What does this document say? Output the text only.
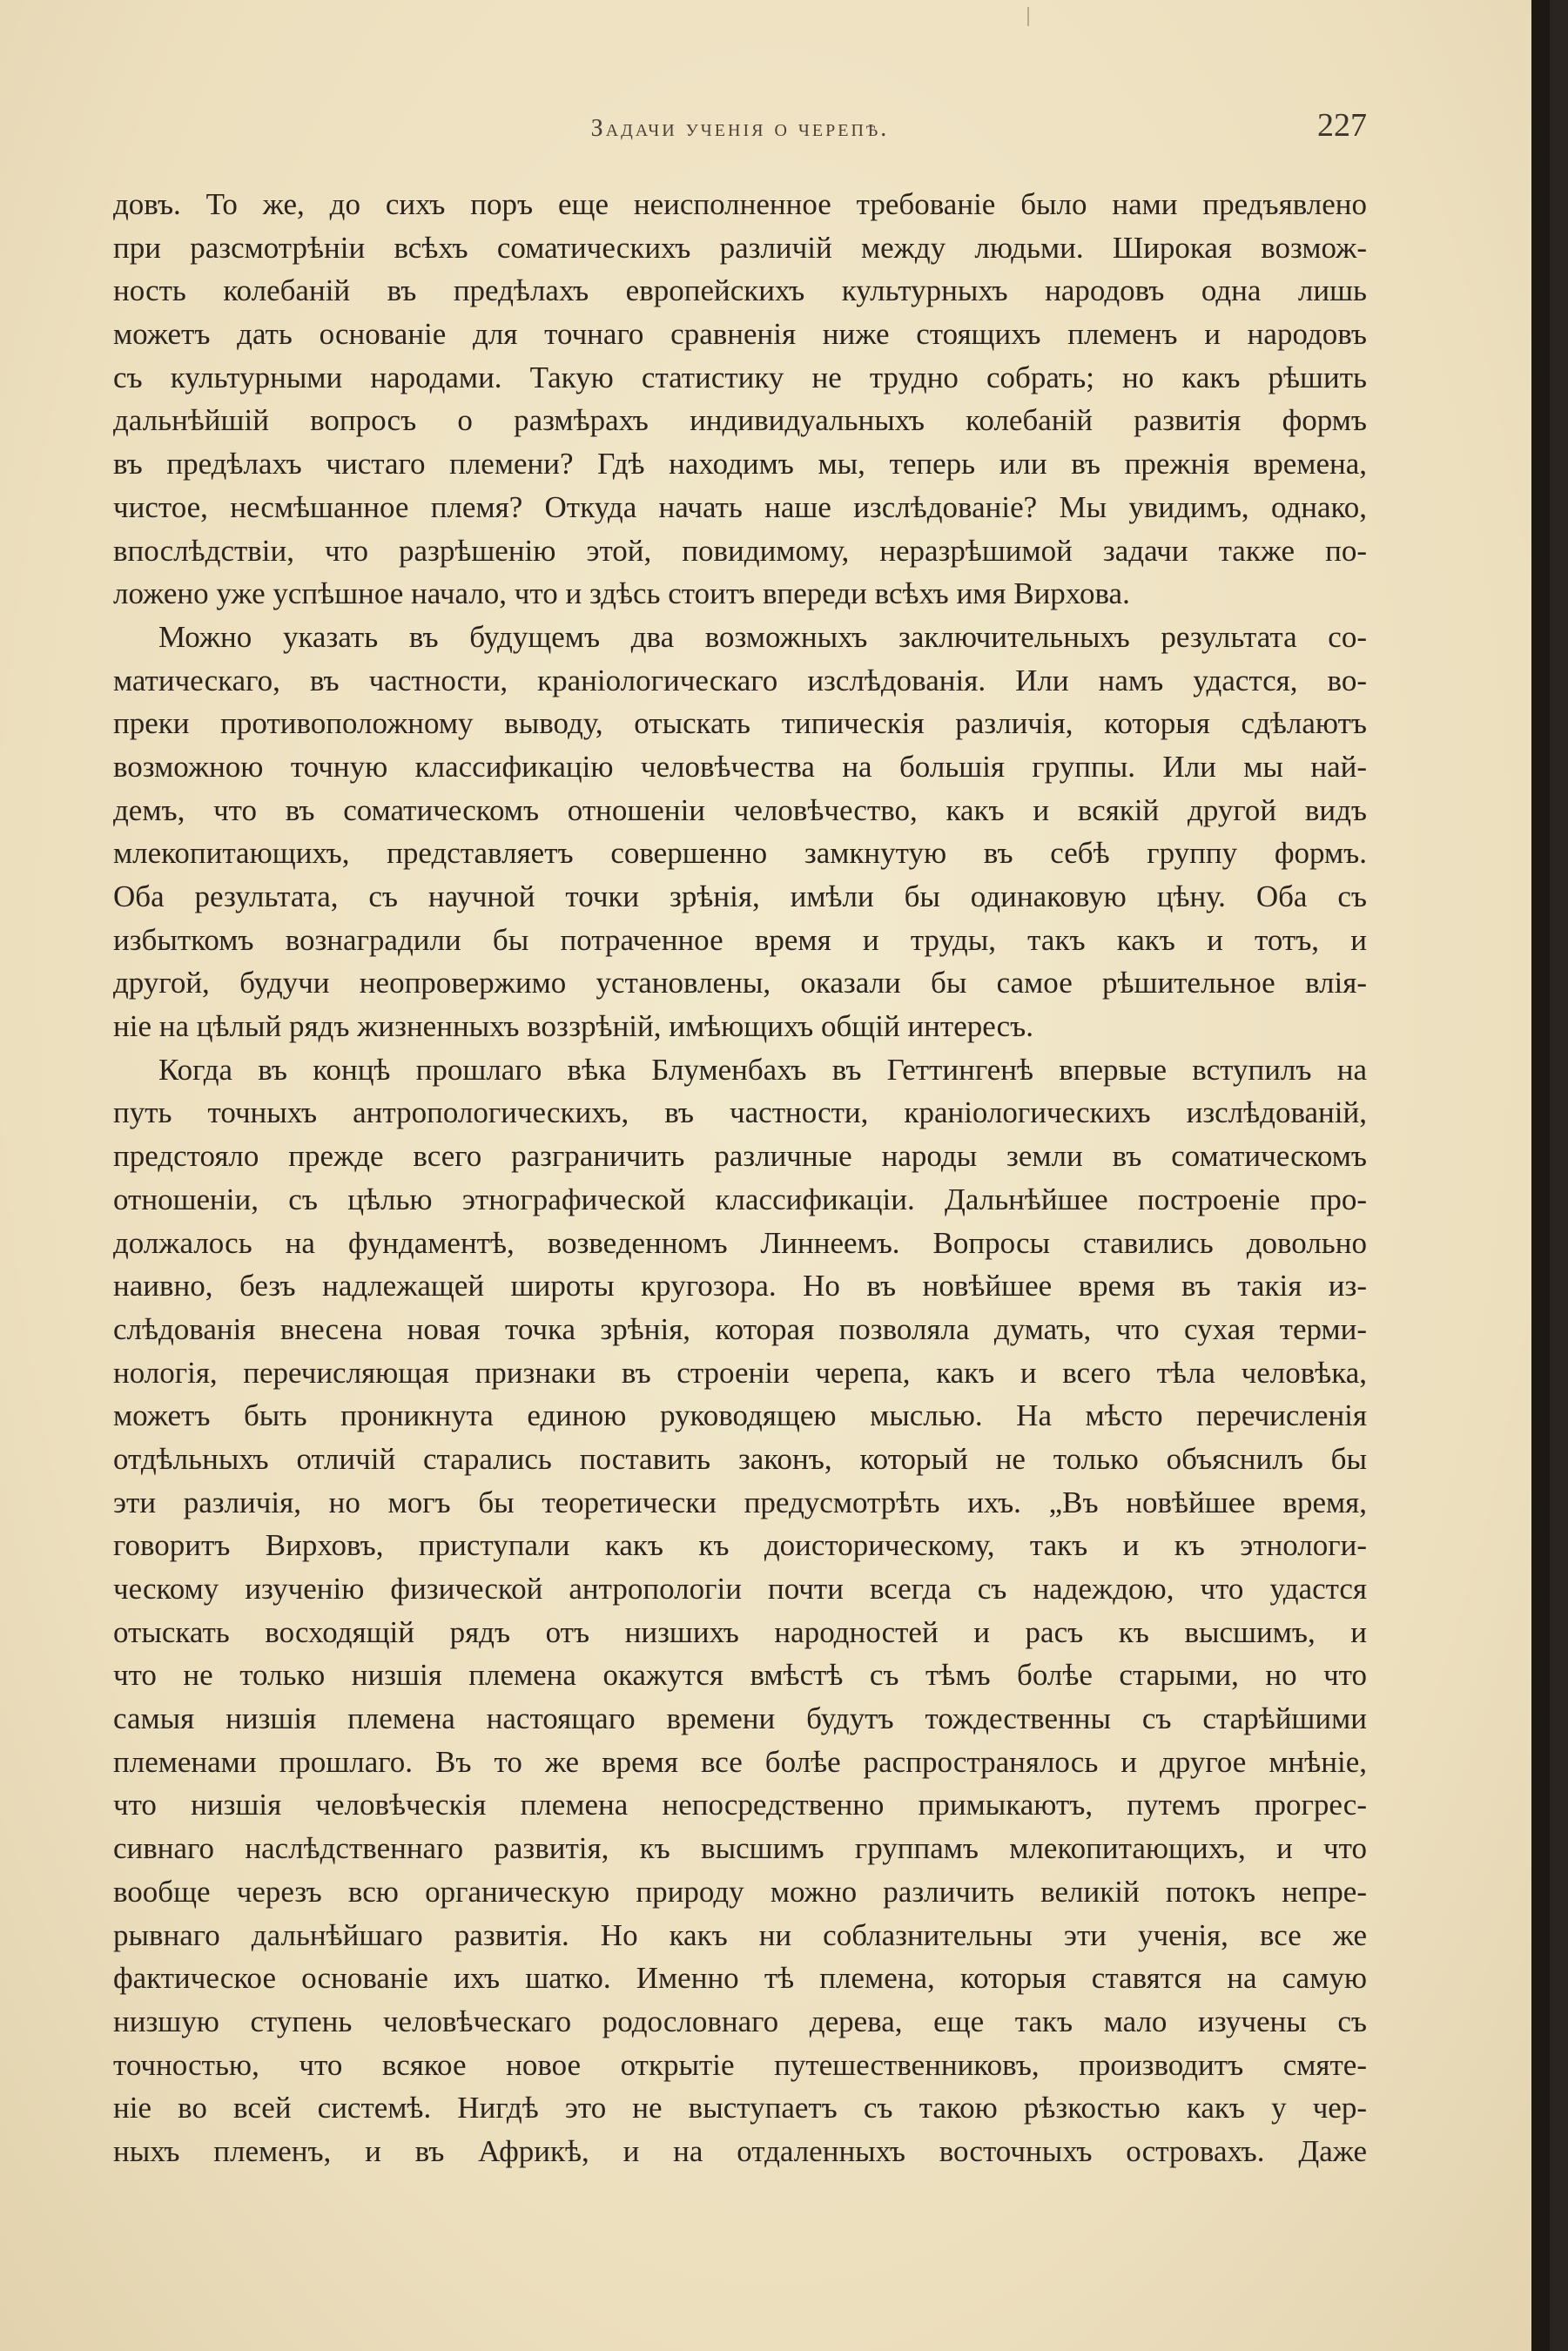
Задачи ученія о черепѣ.	227
довъ. То же, до сихъ поръ еще неисполненное требованіе было нами предъявлено
при разсмотрѣніи всѣхъ соматическихъ различій между людьми. Широкая возмож-
ность колебаній въ предѣлахъ европейскихъ культурныхъ народовъ одна лишь
можетъ дать основаніе для точнаго сравненія ниже стоящихъ племенъ и народовъ
съ культурными народами. Такую статистику не трудно собрать; но какъ рѣшить
дальнѣйшій вопросъ о размѣрахъ индивидуальныхъ колебаній развитія формъ
въ предѣлахъ чистаго племени? Гдѣ находимъ мы, теперь или въ прежнія времена,
чистое, несмѣшанное племя? Откуда начать наше изслѣдованіе? Мы увидимъ, однако,
впослѣдствіи, что разрѣшенію этой, повидимому, неразрѣшимой задачи также по-
ложено уже успѣшное начало, что и здѣсь стоитъ впереди всѣхъ имя Вирхова.
Можно указать въ будущемъ два возможныхъ заключительныхъ результата со-
матическаго, въ частности, краніологическаго изслѣдованія. Или намъ удастся, во-
преки противоположному выводу, отыскать типическія различія, которыя сдѣлаютъ
возможною точную классификацію человѣчества на большія группы. Или мы най-
демъ, что въ соматическомъ отношеніи человѣчество, какъ и всякій другой видъ
млекопитающихъ, представляетъ совершенно замкнутую въ себѣ группу формъ.
Оба результата, съ научной точки зрѣнія, имѣли бы одинаковую цѣну. Оба съ
избыткомъ вознаградили бы потраченное время и труды, такъ какъ и тотъ, и
другой, будучи неопровержимо установлены, оказали бы самое рѣшительное влія-
ніе на цѣлый рядъ жизненныхъ воззрѣній, имѣющихъ общій интересъ.
Когда въ концѣ прошлаго вѣка Блуменбахъ въ Геттингенѣ впервые вступилъ на
путь точныхъ антропологическихъ, въ частности, краніологическихъ изслѣдованій,
предстояло прежде всего разграничить различные народы земли въ соматическомъ
отношеніи, съ цѣлью этнографической классификаціи. Дальнѣйшее построеніе про-
должалось на фундаментѣ, возведенномъ Линнеемъ. Вопросы ставились довольно
наивно, безъ надлежащей широты кругозора. Но въ новѣйшее время въ такія из-
слѣдованія внесена новая точка зрѣнія, которая позволяла думать, что сухая терми-
нологія, перечисляющая признаки въ строеніи черепа, какъ и всего тѣла человѣка,
можетъ быть проникнута единою руководящею мыслью. На мѣсто перечисленія
отдѣльныхъ отличій старались поставить законъ, который не только объяснилъ бы
эти различія, но могъ бы теоретически предусмотрѣть ихъ. „Въ новѣйшее время,
говоритъ Вирховъ, приступали какъ къ доисторическому, такъ и къ этнологи-
ческому изученію физической антропологіи почти всегда съ надеждою, что удастся
отыскать восходящій рядъ отъ низшихъ народностей и расъ къ высшимъ, и
что не только низшія племена окажутся вмѣстѣ съ тѣмъ болѣе старыми, но что
самыя низшія племена настоящаго времени будутъ тождественны съ старѣйшими
племенами прошлаго. Въ то же время все болѣе распространялось и другое мнѣніе,
что низшія человѣческія племена непосредственно примыкаютъ, путемъ прогрес-
сивнаго наслѣдственнаго развитія, къ высшимъ группамъ млекопитающихъ, и что
вообще черезъ всю органическую природу можно различить великій потокъ непре-
рывнаго дальнѣйшаго развитія. Но какъ ни соблазнительны эти ученія, все же
фактическое основаніе ихъ шатко. Именно тѣ племена, которыя ставятся на самую
низшую ступень человѣческаго родословнаго дерева, еще такъ мало изучены съ
точностью, что всякое новое открытіе путешественниковъ, производитъ смяте-
ніе во всей системѣ. Нигдѣ это не выступаетъ съ такою рѣзкостью какъ у чер-
ныхъ племенъ, и въ Африкѣ, и на отдаленныхъ восточныхъ островахъ. Даже
